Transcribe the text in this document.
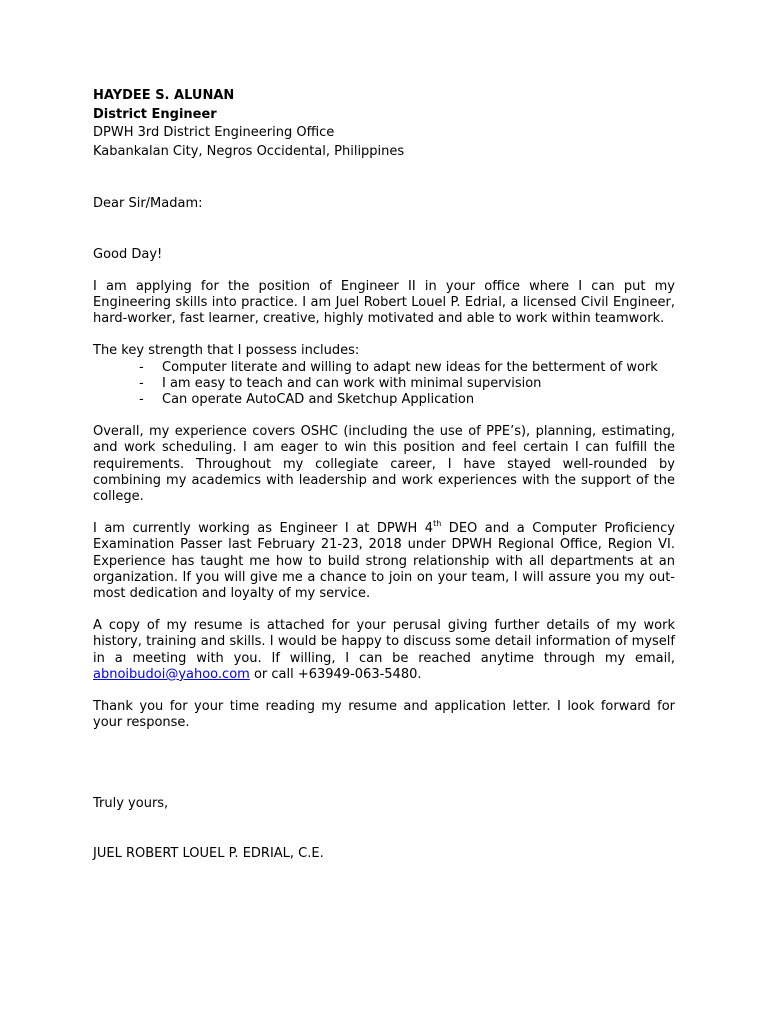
HAYDEE S. ALUNAN
District Engineer
DPWH 3rd District Engineering Office
Kabankalan City, Negros Occidental, Philippines
Dear Sir/Madam:
Good Day!

I am applying for the position of Engineer II in your office where I can put my Engineering skills into practice. I am Juel Robert Louel P. Edrial, a licensed Civil Engineer, hard-worker, fast learner, creative, highly motivated and able to work within teamwork.

The key strength that I possess includes:
- Computer literate and willing to adapt new ideas for the betterment of work
- I am easy to teach and can work with minimal supervision
- Can operate AutoCAD and Sketchup Application

Overall, my experience covers OSHC (including the use of PPE’s), planning, estimating, and work scheduling. I am eager to win this position and feel certain I can fulfill the requirements. Throughout my collegiate career, I have stayed well-rounded by combining my academics with leadership and work experiences with the support of the college.

I am currently working as Engineer I at DPWH 4th DEO and a Computer Proficiency Examination Passer last February 21-23, 2018 under DPWH Regional Office, Region VI. Experience has taught me how to build strong relationship with all departments at an organization. If you will give me a chance to join on your team, I will assure you my out-most dedication and loyalty of my service.

A copy of my resume is attached for your perusal giving further details of my work history, training and skills. I would be happy to discuss some detail information of myself in a meeting with you. If willing, I can be reached anytime through my email, abnoibudoi@yahoo.com or call +63949-063-5480.

Thank you for your time reading my resume and application letter. I look forward for your response.

Truly yours,
JUEL ROBERT LOUEL P. EDRIAL, C.E.
